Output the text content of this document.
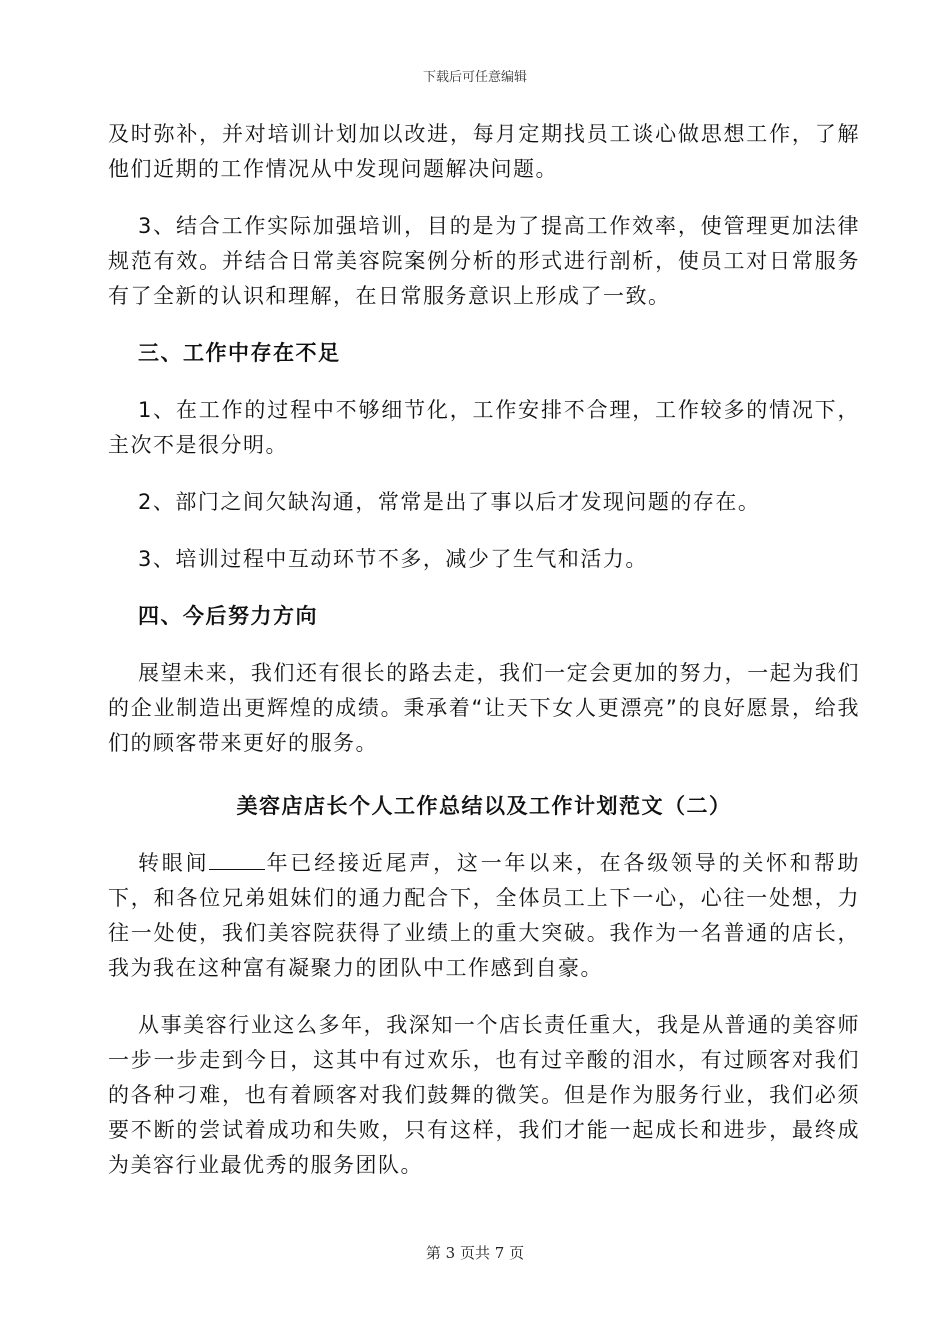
下载后可任意编辑

及时弥补，并对培训计划加以改进，每月定期找员工谈心做思想工作，了解他们近期的工作情况从中发现问题解决问题。

3、结合工作实际加强培训，目的是为了提高工作效率，使管理更加法律规范有效。并结合日常美容院案例分析的形式进行剖析，使员工对日常服务有了全新的认识和理解，在日常服务意识上形成了一致。

三、工作中存在不足

1、在工作的过程中不够细节化，工作安排不合理，工作较多的情况下，主次不是很分明。

2、部门之间欠缺沟通，常常是出了事以后才发现问题的存在。

3、培训过程中互动环节不多，减少了生气和活力。

四、今后努力方向

展望未来，我们还有很长的路去走，我们一定会更加的努力，一起为我们的企业制造出更辉煌的成绩。秉承着“让天下女人更漂亮”的良好愿景，给我们的顾客带来更好的服务。

美容店店长个人工作总结以及工作计划范文（二）

转眼间	年已经接近尾声，这一年以来，在各级领导的关怀和帮助下，和各位兄弟姐妹们的通力配合下，全体员工上下一心，心往一处想，力往一处使，我们美容院获得了业绩上的重大突破。我作为一名普通的店长，我为我在这种富有凝聚力的团队中工作感到自豪。

从事美容行业这么多年，我深知一个店长责任重大，我是从普通的美容师一步一步走到今日，这其中有过欢乐，也有过辛酸的泪水，有过顾客对我们的各种刁难，也有着顾客对我们鼓舞的微笑。但是作为服务行业，我们必须要不断的尝试着成功和失败，只有这样，我们才能一起成长和进步，最终成为美容行业最优秀的服务团队。

第 3 页共 7 页
